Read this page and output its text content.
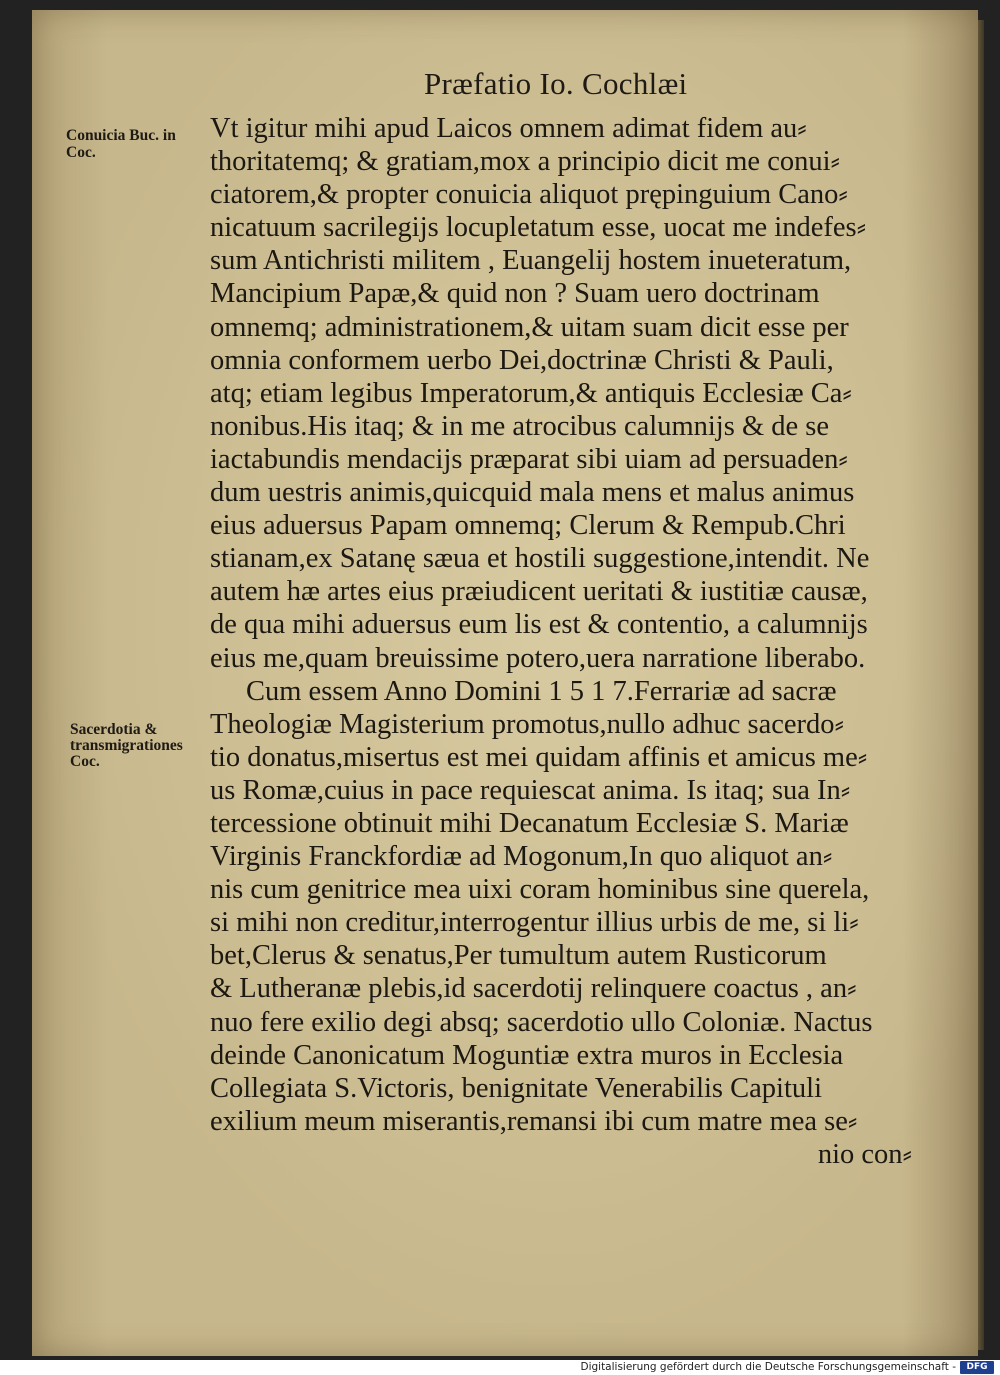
Præfatio Io. Cochlæi
Conuicia Buc. in
Coc.
Sacerdotia &
transmigrationes
Coc.
Vt igitur mihi apud Laicos omnem adimat fidem au⸗
thoritatemq; & gratiam,mox a principio dicit me conui⸗
ciatorem,& propter conuicia aliquot prępinguium Cano⸗
nicatuum sacrilegijs locupletatum esse, uocat me indefes⸗
sum Antichristi militem , Euangelij hostem inueteratum,
Mancipium Papæ,& quid non ? Suam uero doctrinam
omnemq; administrationem,& uitam suam dicit esse per
omnia conformem uerbo Dei,doctrinæ Christi & Pauli,
atq; etiam legibus Imperatorum,& antiquis Ecclesiæ Ca⸗
nonibus.His itaq; & in me atrocibus calumnijs & de se
iactabundis mendacijs præparat sibi uiam ad persuaden⸗
dum uestris animis,quicquid mala mens et malus animus
eius aduersus Papam omnemq; Clerum & Rempub.Chri
stianam,ex Satanę sæua et hostili suggestione,intendit. Ne
autem hæ artes eius præiudicent ueritati & iustitiæ causæ,
de qua mihi aduersus eum lis est & contentio, a calumnijs
eius me,quam breuissime potero,uera narratione liberabo.
Cum essem Anno Domini 1 5 1 7.Ferrariæ ad sacræ
Theologiæ Magisterium promotus,nullo adhuc sacerdo⸗
tio donatus,misertus est mei quidam affinis et amicus me⸗
us Romæ,cuius in pace requiescat anima. Is itaq; sua In⸗
tercessione obtinuit mihi Decanatum Ecclesiæ S. Mariæ
Virginis Franckfordiæ ad Mogonum,In quo aliquot an⸗
nis cum genitrice mea uixi coram hominibus sine querela,
si mihi non creditur,interrogentur illius urbis de me, si li⸗
bet,Clerus & senatus,Per tumultum autem Rusticorum
& Lutheranæ plebis,id sacerdotij relinquere coactus , an⸗
nuo fere exilio degi absq; sacerdotio ullo Coloniæ. Nactus
deinde Canonicatum Moguntiæ extra muros in Ecclesia
Collegiata S.Victoris, benignitate Venerabilis Capituli
exilium meum miserantis,remansi ibi cum matre mea se⸗
nio con⸗
Digitalisierung gefördert durch die Deutsche Forschungsgemeinschaft -	DFG
